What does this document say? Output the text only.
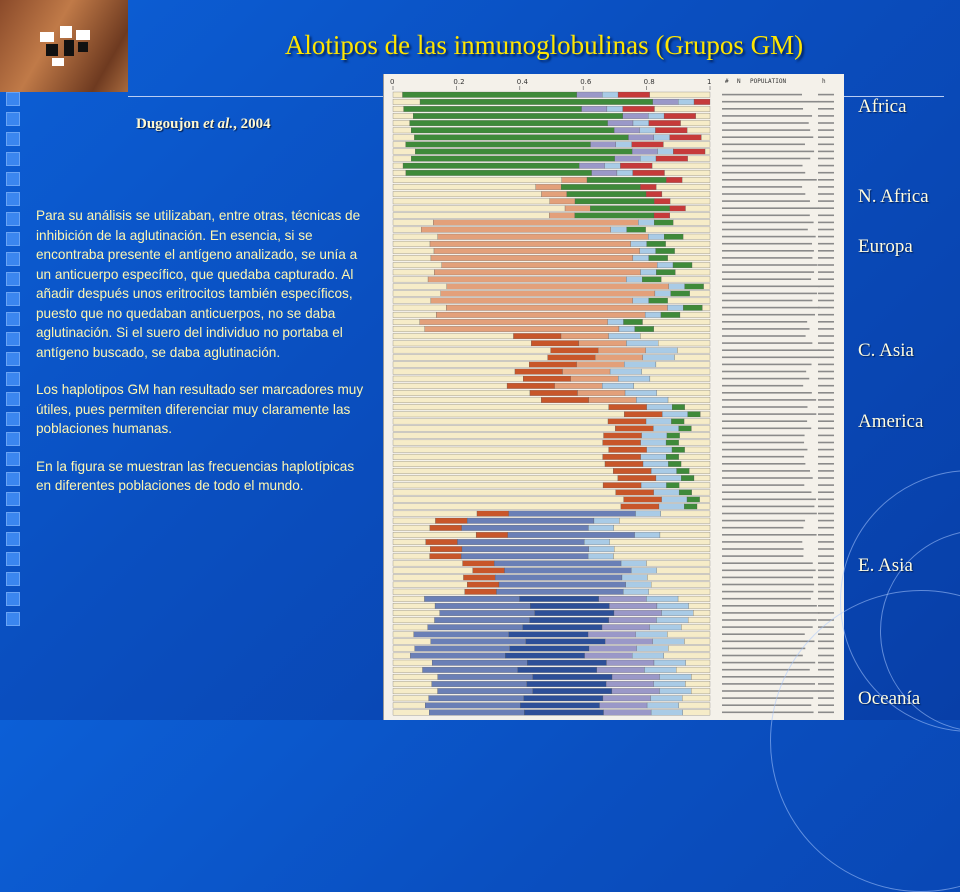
Alotipos de las inmunoglobulinas (Grupos GM)
Dugoujon et al., 2004

Para su análisis se utilizaban, entre otras, técnicas de inhibición de la aglutinación. En esencia, si se encontraba presente el antígeno analizado, se unía a un anticuerpo específico, que quedaba capturado. Al añadir después unos eritrocitos también específicos, puesto que no quedaban anticuerpos, no se daba aglutinación. Si el suero del individuo no portaba el antígeno buscado, se daba aglutinación.

Los haplotipos GM han resultado ser marcadores muy útiles, pues permiten diferenciar muy claramente las poblaciones humanas.

En la figura se muestran las frecuencias haplotípicas en diferentes poblaciones de todo el mundo.

0	0.2	0.4	0.6	0.8	1 # N POPULATION	h
Africa
N. Africa
Europa
C. Asia
America
E. Asia
Oceanía
